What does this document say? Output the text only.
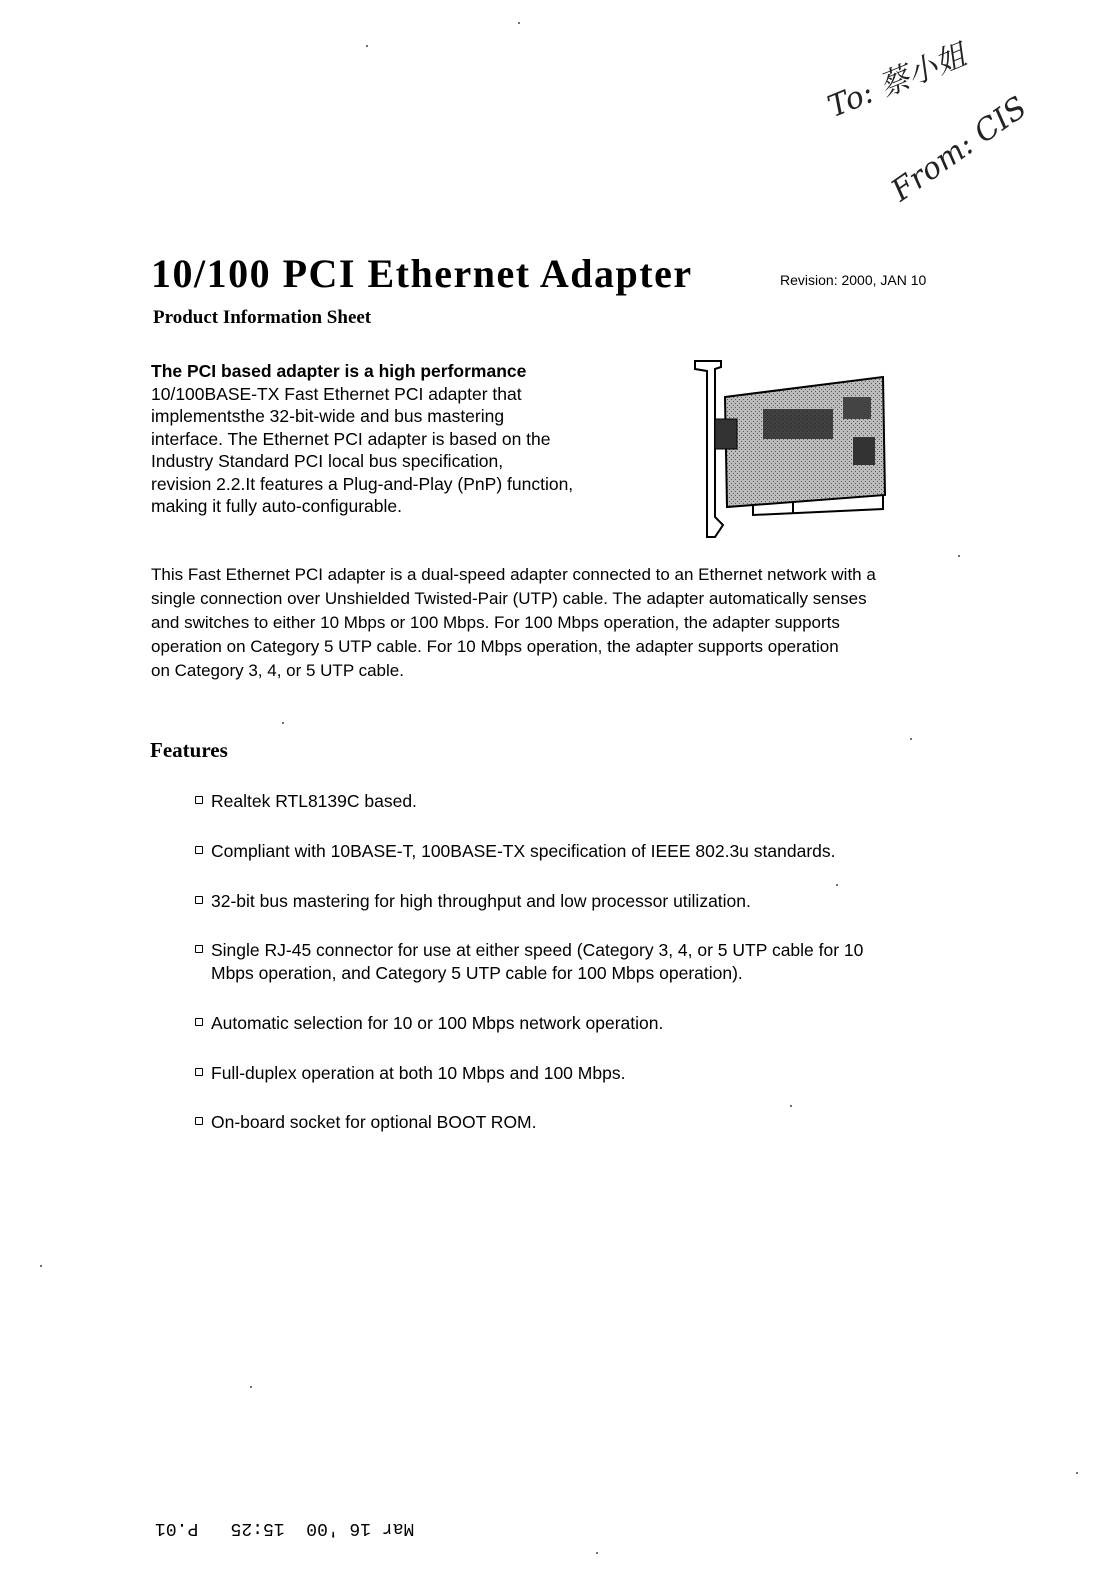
To: 蔡小姐
From: CIS
10/100 PCI Ethernet Adapter	Revision: 2000, JAN 10
Product Information Sheet
The PCI based adapter is a high performance
10/100BASE-TX Fast Ethernet PCI adapter that
implementsthe 32-bit-wide and bus mastering
interface. The Ethernet PCI adapter is based on the
Industry Standard PCI local bus specification,
revision 2.2.It features a Plug-and-Play (PnP) function,
making it fully auto-configurable.
This Fast Ethernet PCI adapter is a dual-speed adapter connected to an Ethernet network with a
single connection over Unshielded Twisted-Pair (UTP) cable. The adapter automatically senses
and switches to either 10 Mbps or 100 Mbps. For 100 Mbps operation, the adapter supports
operation on Category 5 UTP cable. For 10 Mbps operation, the adapter supports operation
on Category 3, 4, or 5 UTP cable.
Features
Realtek RTL8139C based.
Compliant with 10BASE-T, 100BASE-TX specification of IEEE 802.3u standards.
32-bit bus mastering for high throughput and low processor utilization.
Single RJ-45 connector for use at either speed (Category 3, 4, or 5 UTP cable for 10
Mbps operation, and Category 5 UTP cable for 100 Mbps operation).
Automatic selection for 10 or 100 Mbps network operation.
Full-duplex operation at both 10 Mbps and 100 Mbps.
On-board socket for optional BOOT ROM.
Mar 16 '00  15:25   P.01
